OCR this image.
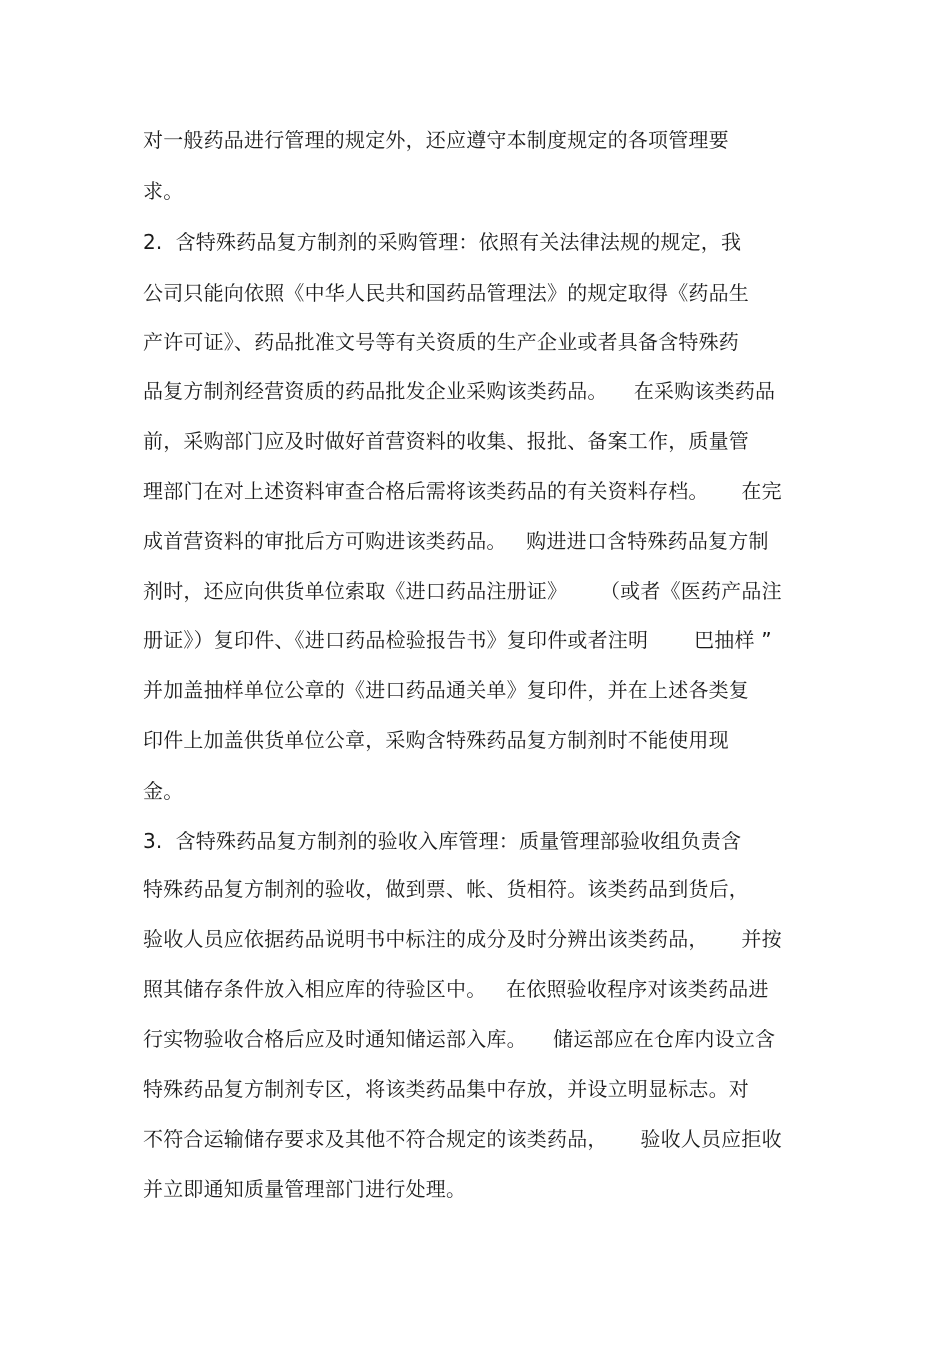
对一般药品进行管理的规定外，还应遵守本制度规定的各项管理要
求。
2.  含特殊药品复方制剂的采购管理：依照有关法律法规的规定，我
公司只能向依照《中华人民共和国药品管理法》的规定取得《药品生
产许可证》、药品批准文号等有关资质的生产企业或者具备含特殊药
品复方制剂经营资质的药品批发企业采购该类药品。    在采购该类药品
前，采购部门应及时做好首营资料的收集、报批、备案工作，质量管
理部门在对上述资料审查合格后需将该类药品的有关资料存档。     在完
成首营资料的审批后方可购进该类药品。   购进进口含特殊药品复方制
剂时，还应向供货单位索取《进口药品注册证》     （或者《医药产品注
册证》）复印件、《进口药品检验报告书》复印件或者注明       巴抽样 ”
并加盖抽样单位公章的《进口药品通关单》复印件，并在上述各类复
印件上加盖供货单位公章，采购含特殊药品复方制剂时不能使用现
金。
3.  含特殊药品复方制剂的验收入库管理：质量管理部验收组负责含
特殊药品复方制剂的验收，做到票、帐、货相符。该类药品到货后，
验收人员应依据药品说明书中标注的成分及时分辨出该类药品，     并按
照其储存条件放入相应库的待验区中。   在依照验收程序对该类药品进
行实物验收合格后应及时通知储运部入库。    储运部应在仓库内设立含
特殊药品复方制剂专区，将该类药品集中存放，并设立明显标志。对
不符合运输储存要求及其他不符合规定的该类药品，     验收人员应拒收
并立即通知质量管理部门进行处理。
